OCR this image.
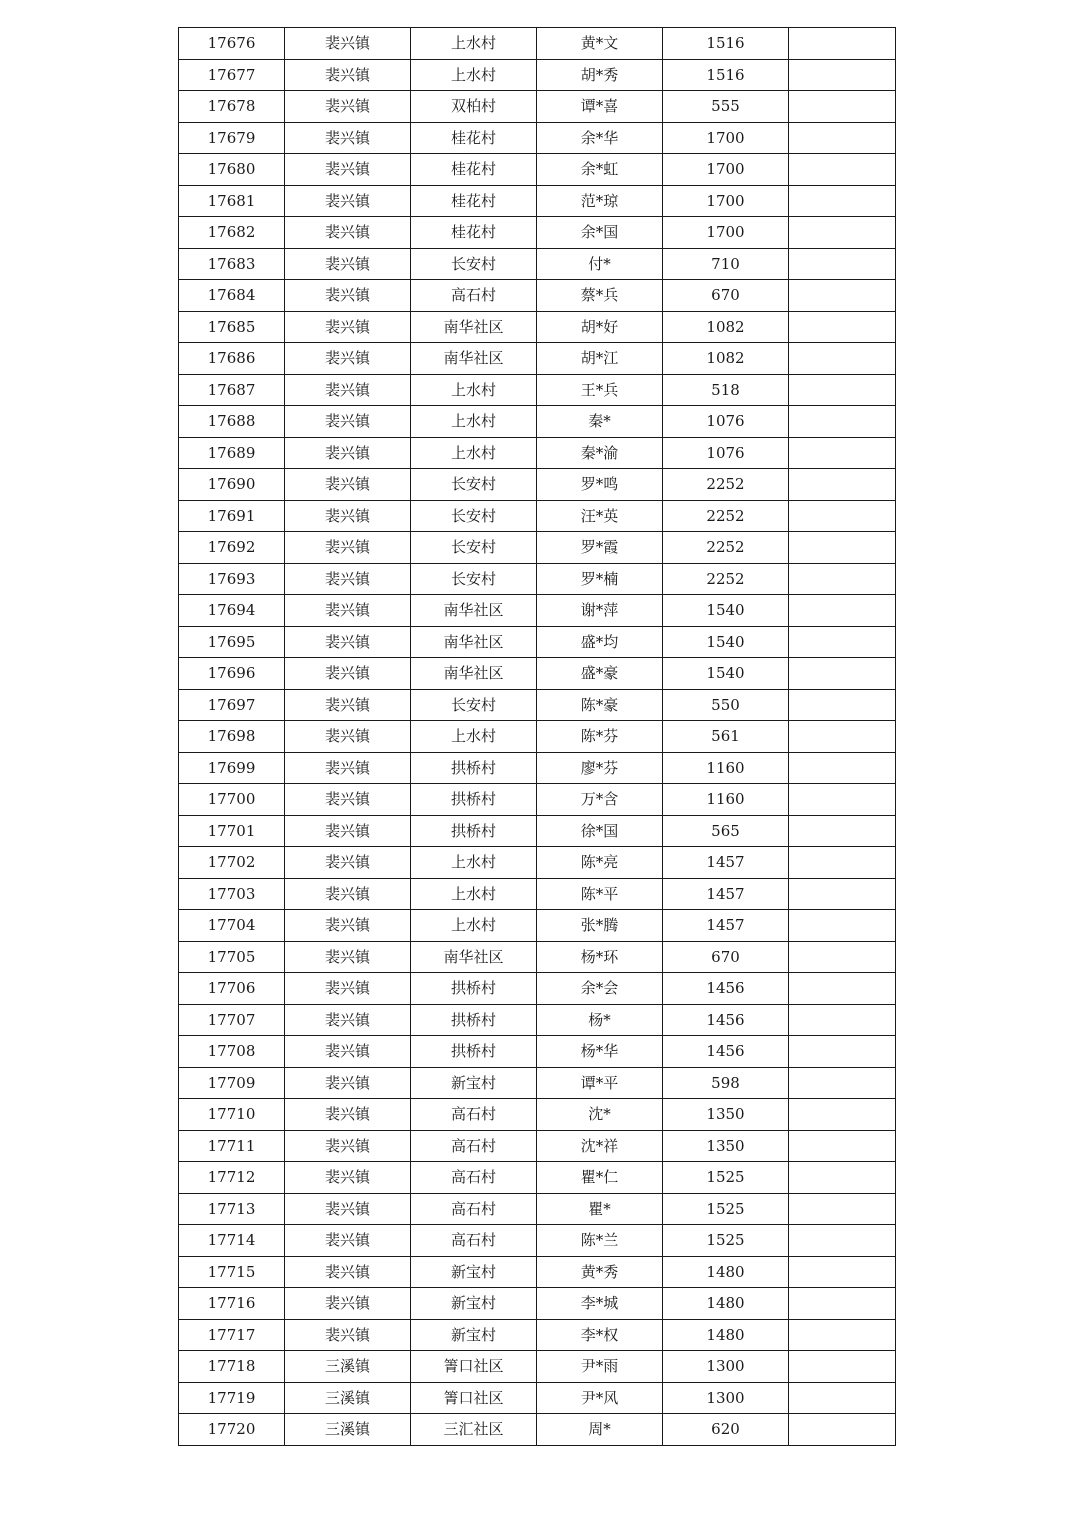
17676	裴兴镇	上水村	黄*文	1516	
17677	裴兴镇	上水村	胡*秀	1516	
17678	裴兴镇	双柏村	谭*喜	555	
17679	裴兴镇	桂花村	余*华	1700	
17680	裴兴镇	桂花村	余*虹	1700	
17681	裴兴镇	桂花村	范*琼	1700	
17682	裴兴镇	桂花村	余*国	1700	
17683	裴兴镇	长安村	付*	710	
17684	裴兴镇	高石村	蔡*兵	670	
17685	裴兴镇	南华社区	胡*好	1082	
17686	裴兴镇	南华社区	胡*江	1082	
17687	裴兴镇	上水村	王*兵	518	
17688	裴兴镇	上水村	秦*	1076	
17689	裴兴镇	上水村	秦*渝	1076	
17690	裴兴镇	长安村	罗*鸣	2252	
17691	裴兴镇	长安村	汪*英	2252	
17692	裴兴镇	长安村	罗*霞	2252	
17693	裴兴镇	长安村	罗*楠	2252	
17694	裴兴镇	南华社区	谢*萍	1540	
17695	裴兴镇	南华社区	盛*均	1540	
17696	裴兴镇	南华社区	盛*豪	1540	
17697	裴兴镇	长安村	陈*豪	550	
17698	裴兴镇	上水村	陈*芬	561	
17699	裴兴镇	拱桥村	廖*芬	1160	
17700	裴兴镇	拱桥村	万*含	1160	
17701	裴兴镇	拱桥村	徐*国	565	
17702	裴兴镇	上水村	陈*亮	1457	
17703	裴兴镇	上水村	陈*平	1457	
17704	裴兴镇	上水村	张*腾	1457	
17705	裴兴镇	南华社区	杨*环	670	
17706	裴兴镇	拱桥村	余*会	1456	
17707	裴兴镇	拱桥村	杨*	1456	
17708	裴兴镇	拱桥村	杨*华	1456	
17709	裴兴镇	新宝村	谭*平	598	
17710	裴兴镇	高石村	沈*	1350	
17711	裴兴镇	高石村	沈*祥	1350	
17712	裴兴镇	高石村	瞿*仁	1525	
17713	裴兴镇	高石村	瞿*	1525	
17714	裴兴镇	高石村	陈*兰	1525	
17715	裴兴镇	新宝村	黄*秀	1480	
17716	裴兴镇	新宝村	李*城	1480	
17717	裴兴镇	新宝村	李*权	1480	
17718	三溪镇	箐口社区	尹*雨	1300	
17719	三溪镇	箐口社区	尹*风	1300	
17720	三溪镇	三汇社区	周*	620	
